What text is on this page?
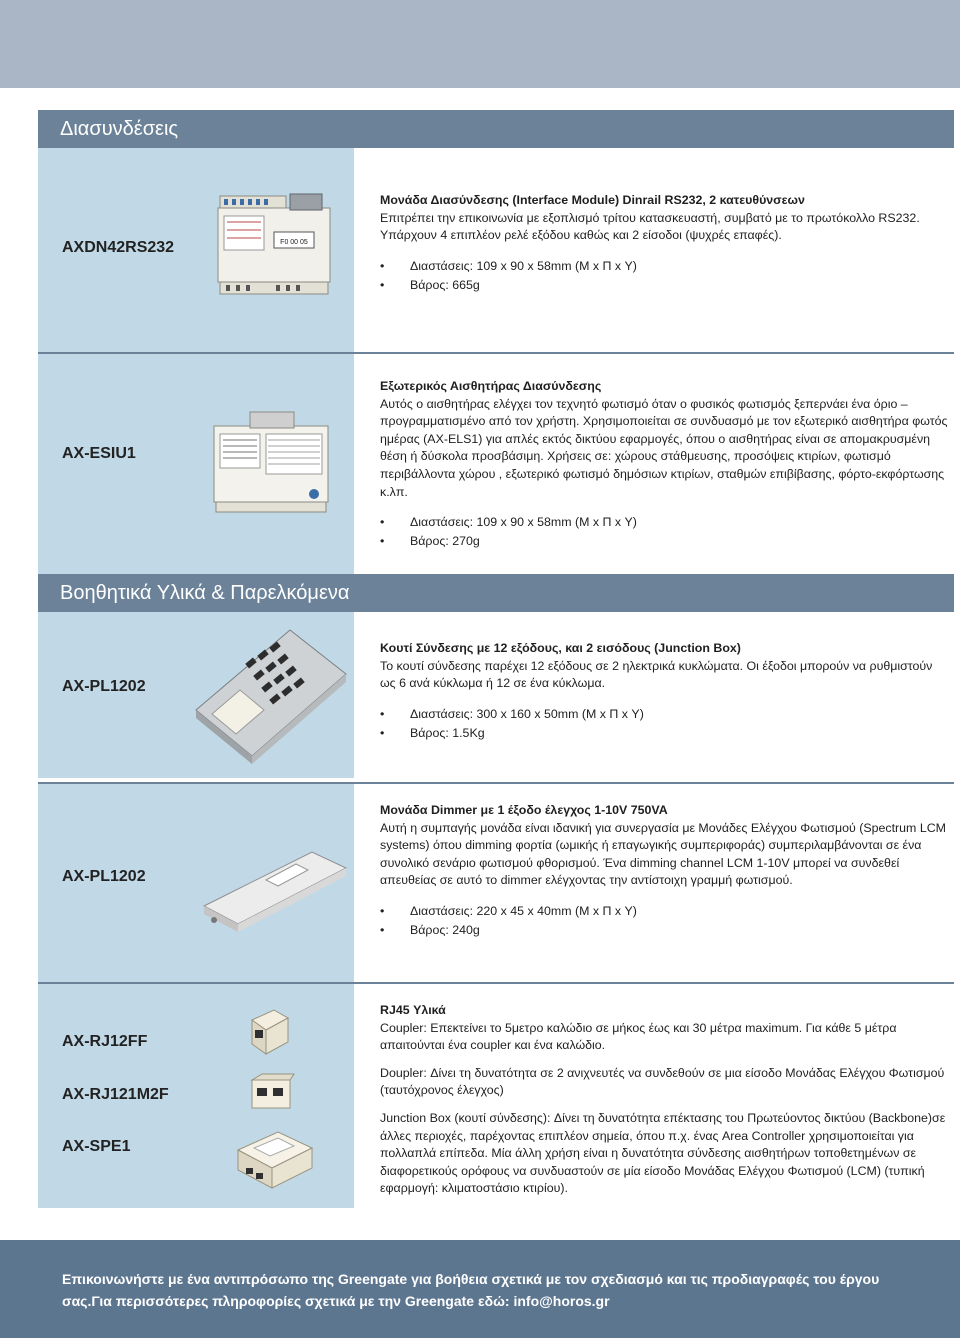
Διασυνδέσεις
AXDN42RS232	F0 00 05
Μονάδα Διασύνδεσης (Interface Module) Dinrail RS232, 2 κατευθύνσεων
Επιτρέπει την επικοινωνία με εξοπλισμό τρίτου κατασκευαστή, συμβατό με το πρωτόκολλο RS232. Υπάρχουν 4 επιπλέον ρελέ εξόδου καθώς και 2 είσοδοι (ψυχρές επαφές).
• Διαστάσεις: 109 x 90 x 58mm (Μ x Π x Υ)
• Βάρος: 665g
AX-ESIU1
Εξωτερικός Αισθητήρας Διασύνδεσης
Αυτός ο αισθητήρας ελέγχει τον τεχνητό φωτισμό όταν ο φυσικός φωτισμός ξεπερνάει ένα όριο – προγραμματισμένο από τον χρήστη. Χρησιμοποιείται σε συνδυασμό με τον εξωτερικό αισθητήρα φωτός ημέρας (AX-ELS1) για απλές εκτός δικτύου εφαρμογές, όπου ο αισθητήρας είναι σε απομακρυσμένη θέση ή δύσκολα προσβάσιμη. Χρήσεις σε: χώρους στάθμευσης, προσόψεις κτιρίων, φωτισμό περιβάλλοντα χώρου , εξωτερικό φωτισμό δημόσιων κτιρίων, σταθμών επιβίβασης, φόρτο-εκφόρτωσης κ.λπ.
• Διαστάσεις: 109 x 90 x 58mm (Μ x Π x Υ)
• Βάρος: 270g
Βοηθητικά Υλικά & Παρελκόμενα
AX-PL1202
Κουτί Σύνδεσης με 12 εξόδους, και 2 εισόδους (Junction Box)
Το κουτί σύνδεσης παρέχει 12 εξόδους σε 2 ηλεκτρικά κυκλώματα. Οι έξοδοι μπορούν να ρυθμιστούν ως 6 ανά κύκλωμα ή 12 σε ένα κύκλωμα.
• Διαστάσεις: 300 x 160 x 50mm (Μ x Π x Υ)
• Βάρος: 1.5Kg
AX-PL1202
Μονάδα Dimmer με 1 έξοδο έλεγχος 1-10V 750VA
Αυτή η συμπαγής μονάδα είναι ιδανική για συνεργασία με Μονάδες Ελέγχου Φωτισμού (Spectrum LCM systems) όπου dimming φορτία (ωμικής ή επαγωγικής συμπεριφοράς) συμπεριλαμβάνονται σε ένα συνολικό σενάριο φωτισμού φθορισμού. Ένα dimming channel LCM 1-10V μπορεί να συνδεθεί απευθείας σε αυτό το dimmer ελέγχοντας την αντίστοιχη γραμμή φωτισμού.
• Διαστάσεις: 220 x 45 x 40mm (Μ x Π x Υ)
• Βάρος: 240g
AX-RJ12FF
AX-RJ121M2F
AX-SPE1
RJ45 Υλικά
Coupler: Επεκτείνει το 5μετρο καλώδιο σε μήκος έως και 30 μέτρα maximum. Για κάθε 5 μέτρα απαιτούνται ένα coupler και ένα καλώδιο.
Doupler: Δίνει τη δυνατότητα σε 2 ανιχνευτές να συνδεθούν σε μια είσοδο Μονάδας Ελέγχου Φωτισμού (ταυτόχρονος έλεγχος)
Junction Box (κουτί σύνδεσης): Δίνει τη δυνατότητα επέκτασης του Πρωτεύοντος δικτύου (Backbone)σε άλλες περιοχές, παρέχοντας επιπλέον σημεία, όπου π.χ. ένας Area Controller χρησιμοποιείται για πολλαπλά επίπεδα. Μία άλλη χρήση είναι η δυνατότητα σύνδεσης αισθητήρων τοποθετημένων σε διαφορετικούς ορόφους να συνδυαστούν σε μία είσοδο Μονάδας Ελέγχου Φωτισμού (LCM) (τυπική εφαρμογή: κλιματοστάσιο κτιρίου).

Επικοινωνήστε με ένα αντιπρόσωπο της Greengate για βοήθεια σχετικά με τον σχεδιασμό και τις προδιαγραφές του έργου σας.Για περισσότερες πληροφορίες σχετικά με την Greengate εδώ: info@horos.gr
